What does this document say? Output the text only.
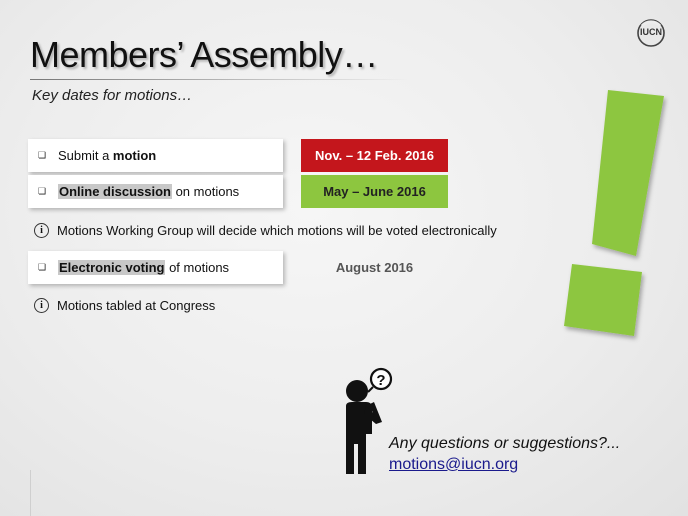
Members’ Assembly…
Key dates for motions…
IUCN
❏ Submit a motion	Nov. – 12 Feb. 2016
❏ Online discussion on motions	May – June 2016
i Motions Working Group will decide which motions will be voted electronically
❏ Electronic voting of motions	August 2016
i Motions tabled at Congress
?
Any questions or suggestions?...
motions@iucn.org
